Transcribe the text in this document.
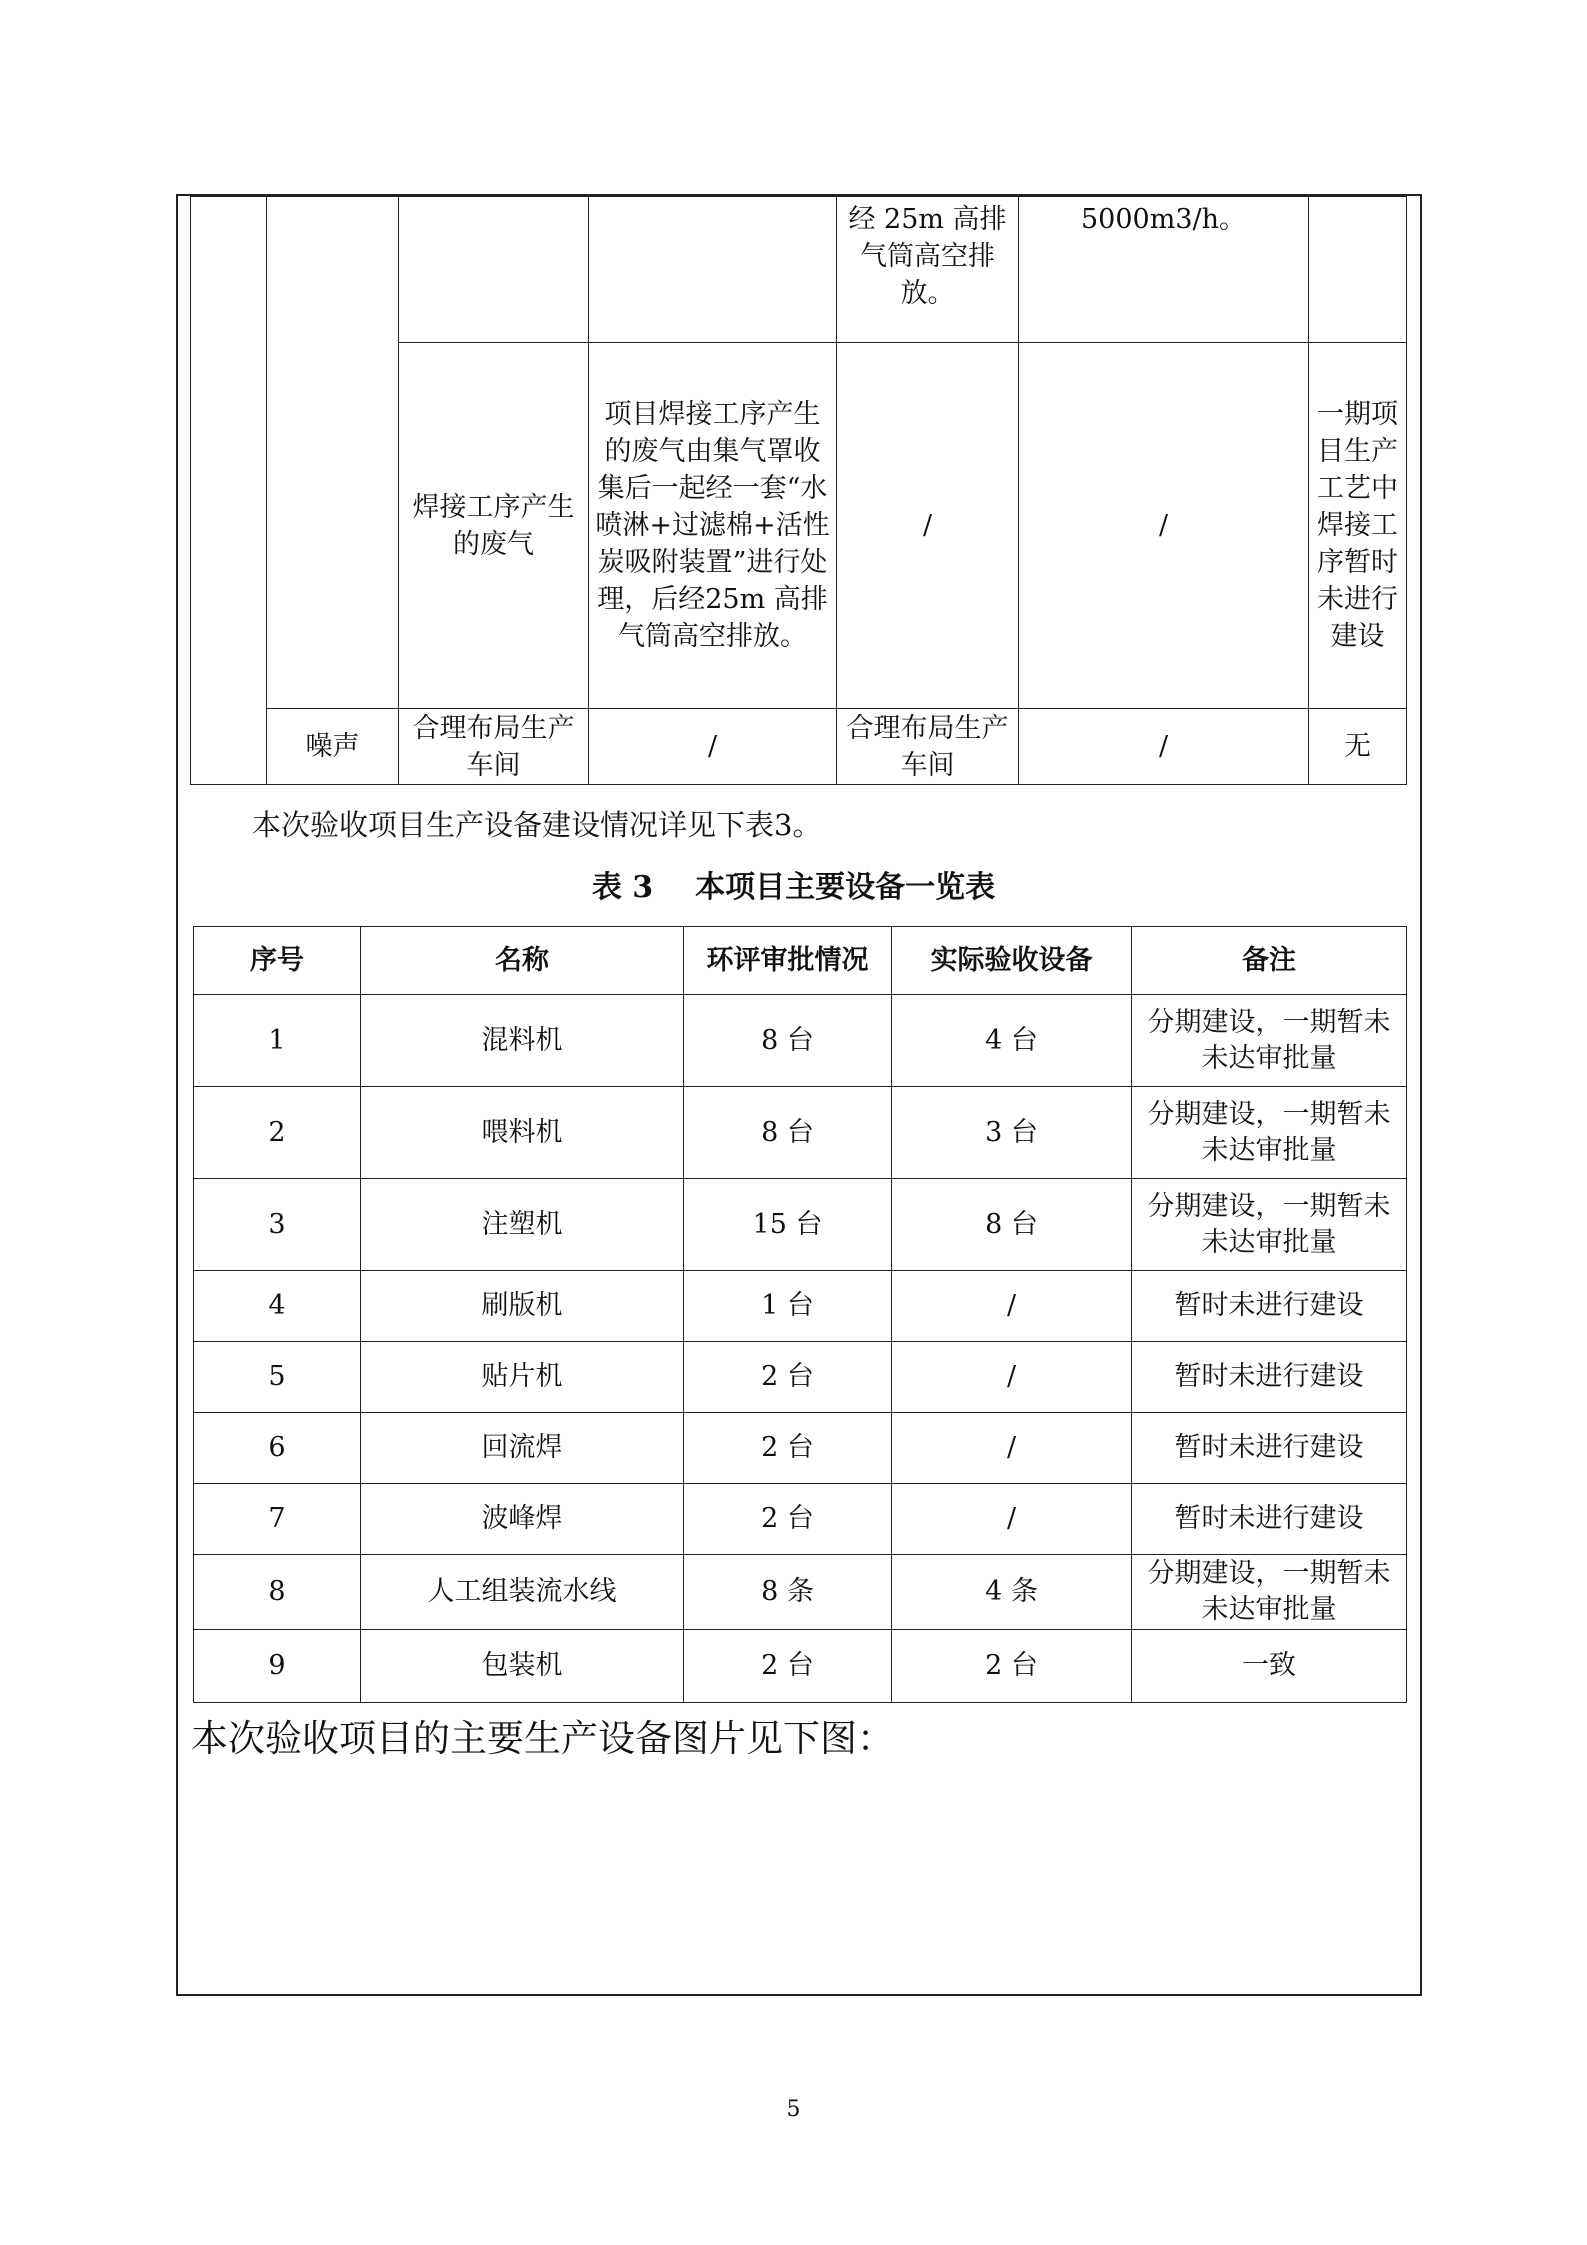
				经 25m 高排气筒高空排放。	5000m3/h。	
		焊接工序产生的废气	项目焊接工序产生的废气由集气罩收集后一起经一套“水喷淋+过滤棉+活性炭吸附装置”进行处理，后经25m 高排气筒高空排放。	/	/	一期项目生产工艺中焊接工序暂时未进行建设
	噪声	合理布局生产车间	/	合理布局生产车间	/	无
本次验收项目生产设备建设情况详见下表3。
表 3 本项目主要设备一览表
序号	名称	环评审批情况	实际验收设备	备注
1	混料机	8 台	4 台	分期建设，一期暂未未达审批量
2	喂料机	8 台	3 台	分期建设，一期暂未未达审批量
3	注塑机	15 台	8 台	分期建设，一期暂未未达审批量
4	刷版机	1 台	/	暂时未进行建设
5	贴片机	2 台	/	暂时未进行建设
6	回流焊	2 台	/	暂时未进行建设
7	波峰焊	2 台	/	暂时未进行建设
8	人工组装流水线	8 条	4 条	分期建设，一期暂未未达审批量
9	包装机	2 台	2 台	一致
本次验收项目的主要生产设备图片见下图：
5
